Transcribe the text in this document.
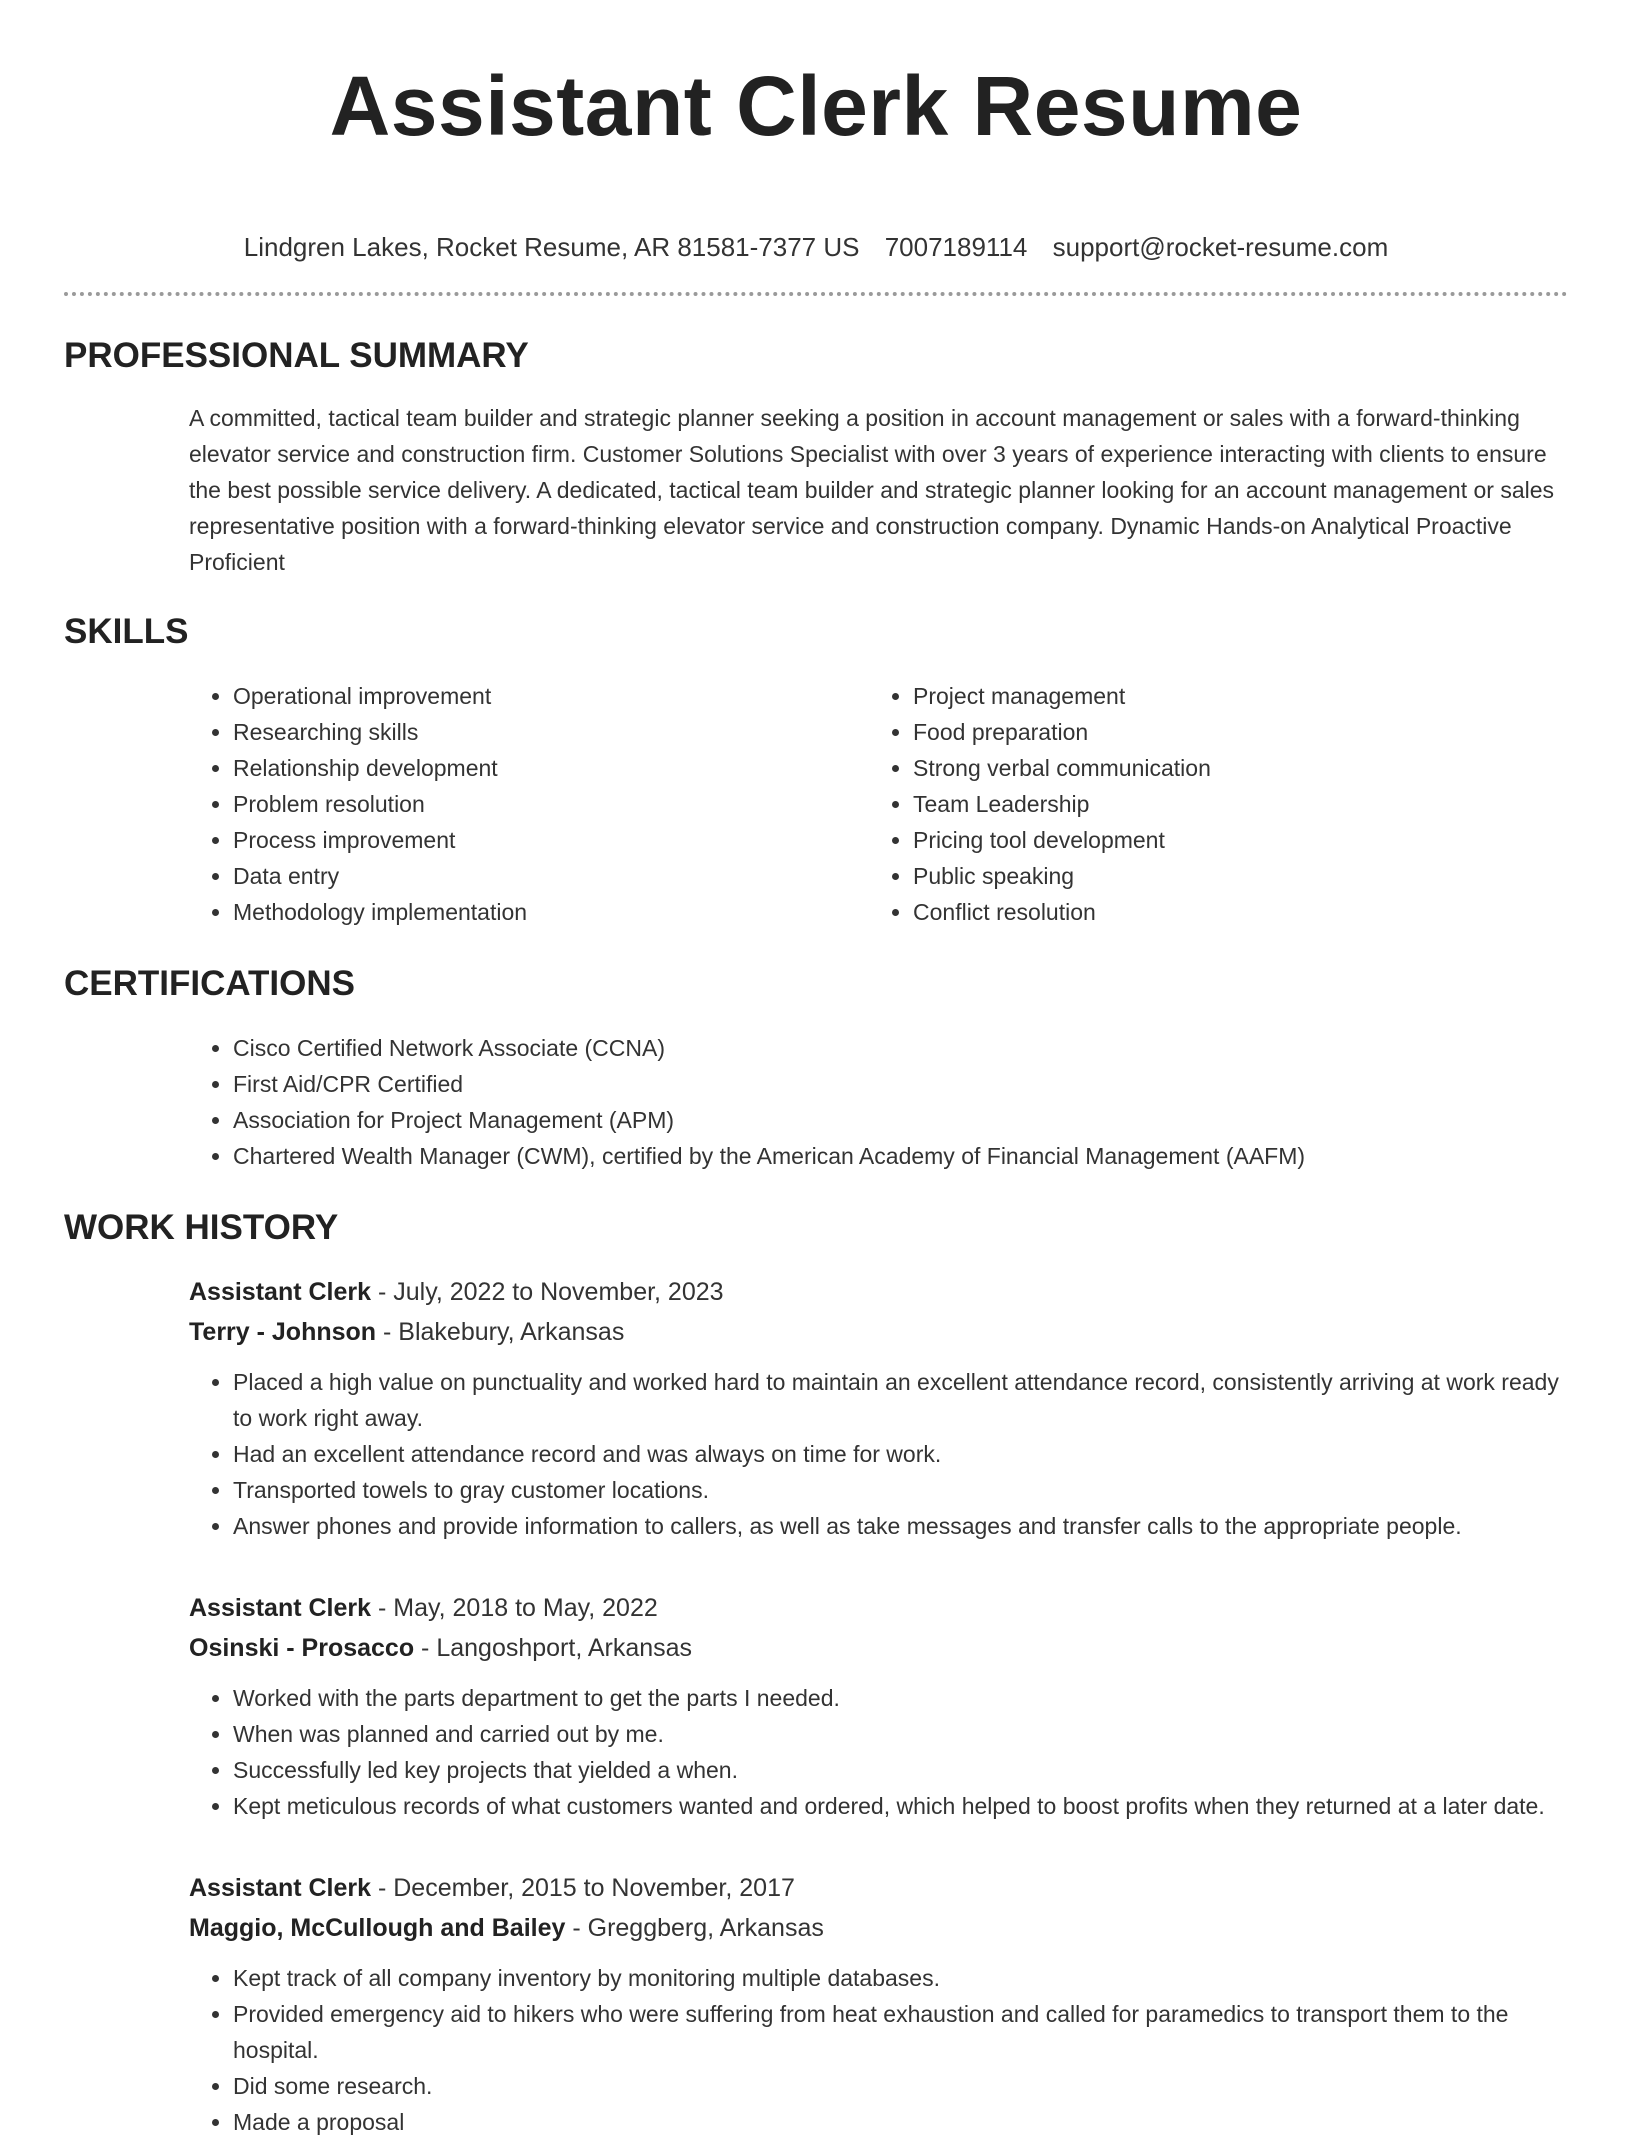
Assistant Clerk Resume
Lindgren Lakes, Rocket Resume, AR 81581-7377 US 7007189114 support@rocket-resume.com
PROFESSIONAL SUMMARY
A committed, tactical team builder and strategic planner seeking a position in account management or sales with a forward-thinking elevator service and construction firm. Customer Solutions Specialist with over 3 years of experience interacting with clients to ensure the best possible service delivery. A dedicated, tactical team builder and strategic planner looking for an account management or sales representative position with a forward-thinking elevator service and construction company. Dynamic Hands-on Analytical Proactive Proficient
SKILLS
• Operational improvement
• Researching skills
• Relationship development
• Problem resolution
• Process improvement
• Data entry
• Methodology implementation
• Project management
• Food preparation
• Strong verbal communication
• Team Leadership
• Pricing tool development
• Public speaking
• Conflict resolution
CERTIFICATIONS
• Cisco Certified Network Associate (CCNA)
• First Aid/CPR Certified
• Association for Project Management (APM)
• Chartered Wealth Manager (CWM), certified by the American Academy of Financial Management (AAFM)
WORK HISTORY
Assistant Clerk - July, 2022 to November, 2023
Terry - Johnson - Blakebury, Arkansas
• Placed a high value on punctuality and worked hard to maintain an excellent attendance record, consistently arriving at work ready to work right away.
• Had an excellent attendance record and was always on time for work.
• Transported towels to gray customer locations.
• Answer phones and provide information to callers, as well as take messages and transfer calls to the appropriate people.
Assistant Clerk - May, 2018 to May, 2022
Osinski - Prosacco - Langoshport, Arkansas
• Worked with the parts department to get the parts I needed.
• When was planned and carried out by me.
• Successfully led key projects that yielded a when.
• Kept meticulous records of what customers wanted and ordered, which helped to boost profits when they returned at a later date.
Assistant Clerk - December, 2015 to November, 2017
Maggio, McCullough and Bailey - Greggberg, Arkansas
• Kept track of all company inventory by monitoring multiple databases.
• Provided emergency aid to hikers who were suffering from heat exhaustion and called for paramedics to transport them to the hospital.
• Did some research.
• Made a proposal
